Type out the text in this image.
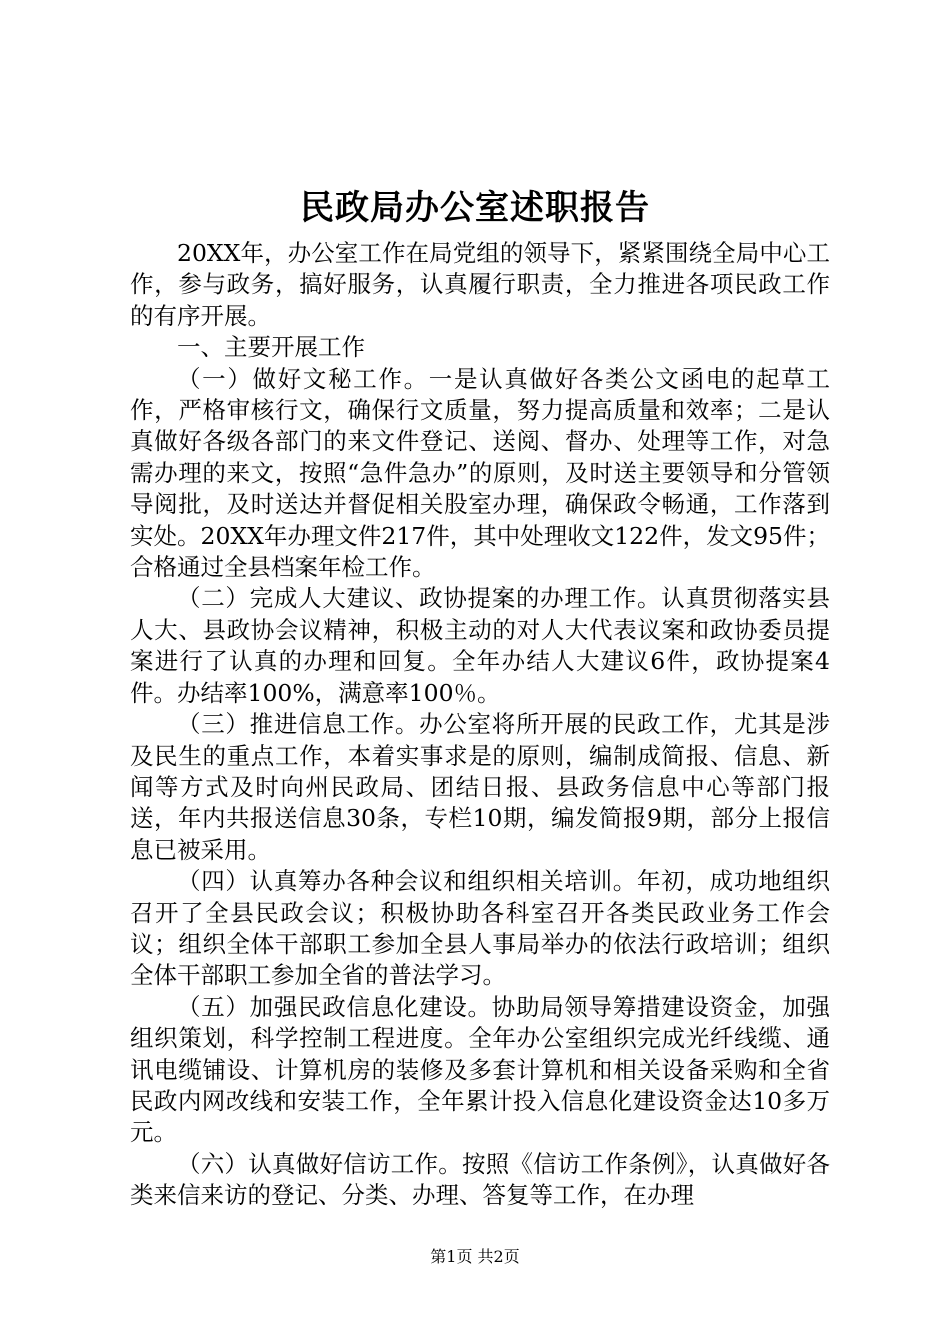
民政局办公室述职报告

20XX年，办公室工作在局党组的领导下，紧紧围绕全局中心工作，参与政务，搞好服务，认真履行职责，全力推进各项民政工作的有序开展。

一、主要开展工作

（一）做好文秘工作。一是认真做好各类公文函电的起草工作，严格审核行文，确保行文质量，努力提高质量和效率；二是认真做好各级各部门的来文件登记、送阅、督办、处理等工作，对急需办理的来文，按照“急件急办”的原则，及时送主要领导和分管领导阅批，及时送达并督促相关股室办理，确保政令畅通，工作落到实处。20XX年办理文件217件，其中处理收文122件，发文95件；合格通过全县档案年检工作。

（二）完成人大建议、政协提案的办理工作。认真贯彻落实县人大、县政协会议精神，积极主动的对人大代表议案和政协委员提案进行了认真的办理和回复。全年办结人大建议6件，政协提案4件。办结率100%，满意率100％。

（三）推进信息工作。办公室将所开展的民政工作，尤其是涉及民生的重点工作，本着实事求是的原则，编制成简报、信息、新闻等方式及时向州民政局、团结日报、县政务信息中心等部门报送，年内共报送信息30条，专栏10期，编发简报9期，部分上报信息已被采用。

（四）认真筹办各种会议和组织相关培训。年初，成功地组织召开了全县民政会议；积极协助各科室召开各类民政业务工作会议；组织全体干部职工参加全县人事局举办的依法行政培训；组织全体干部职工参加全省的普法学习。

（五）加强民政信息化建设。协助局领导筹措建设资金，加强组织策划，科学控制工程进度。全年办公室组织完成光纤线缆、通讯电缆铺设、计算机房的装修及多套计算机和相关设备采购和全省民政内网改线和安装工作，全年累计投入信息化建设资金达10多万元。

（六）认真做好信访工作。按照《信访工作条例》，认真做好各类来信来访的登记、分类、办理、答复等工作，在办理

第1页 共2页
